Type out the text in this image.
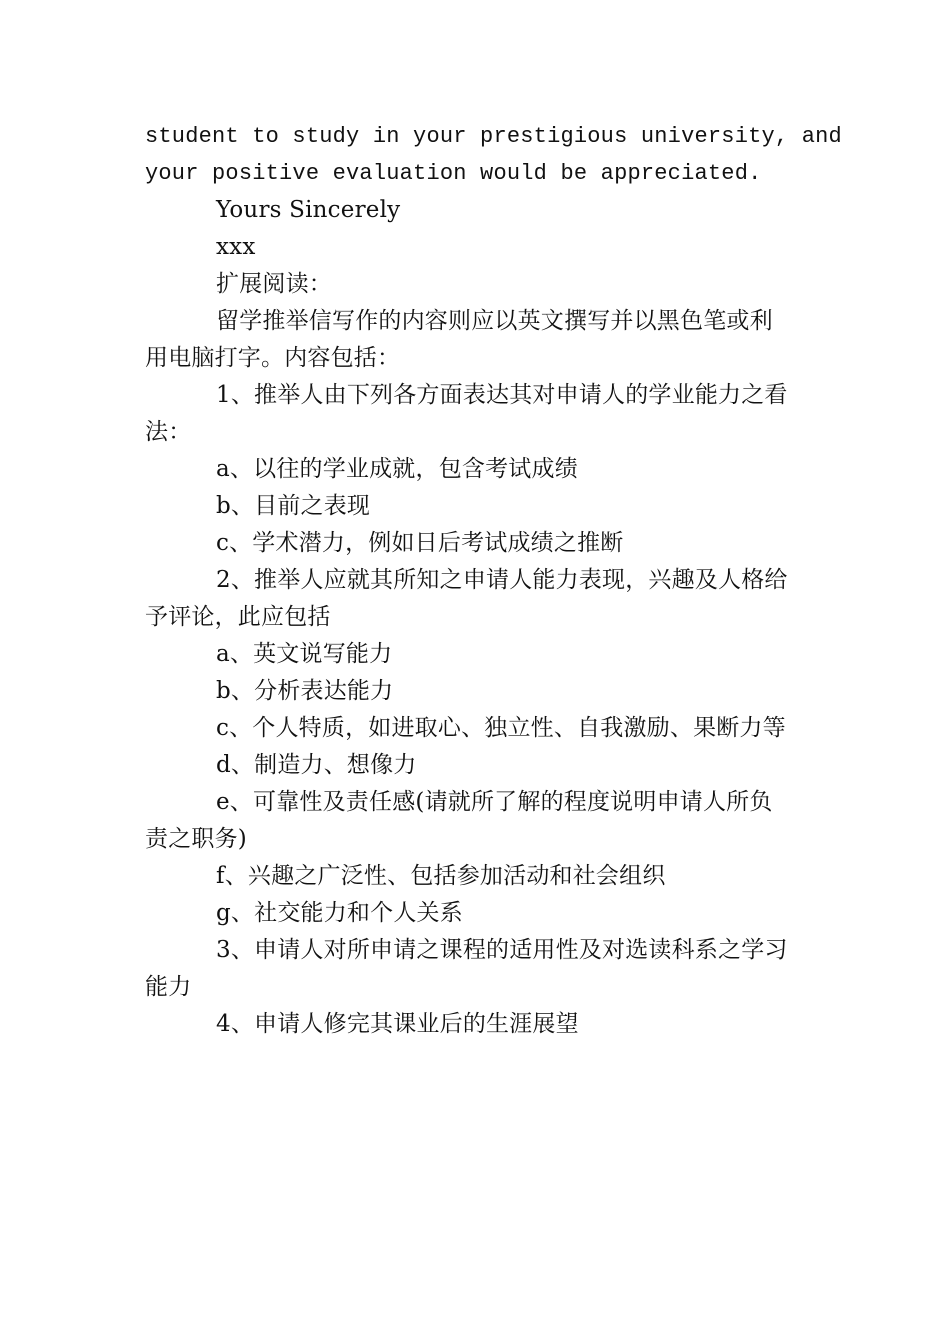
student to study in your prestigious university, and
your positive evaluation would be appreciated.
Yours Sincerely
xxx
扩展阅读：
留学推举信写作的内容则应以英文撰写并以黑色笔或利
用电脑打字。内容包括：
1、推举人由下列各方面表达其对申请人的学业能力之看
法：
a、以往的学业成就，包含考试成绩
b、目前之表现
c、学术潜力，例如日后考试成绩之推断
2、推举人应就其所知之申请人能力表现，兴趣及人格给
予评论，此应包括
a、英文说写能力
b、分析表达能力
c、个人特质，如进取心、独立性、自我激励、果断力等
d、制造力、想像力
e、可靠性及责任感(请就所了解的程度说明申请人所负
责之职务)
f、兴趣之广泛性、包括参加活动和社会组织
g、社交能力和个人关系
3、申请人对所申请之课程的适用性及对选读科系之学习
能力
4、申请人修完其课业后的生涯展望
